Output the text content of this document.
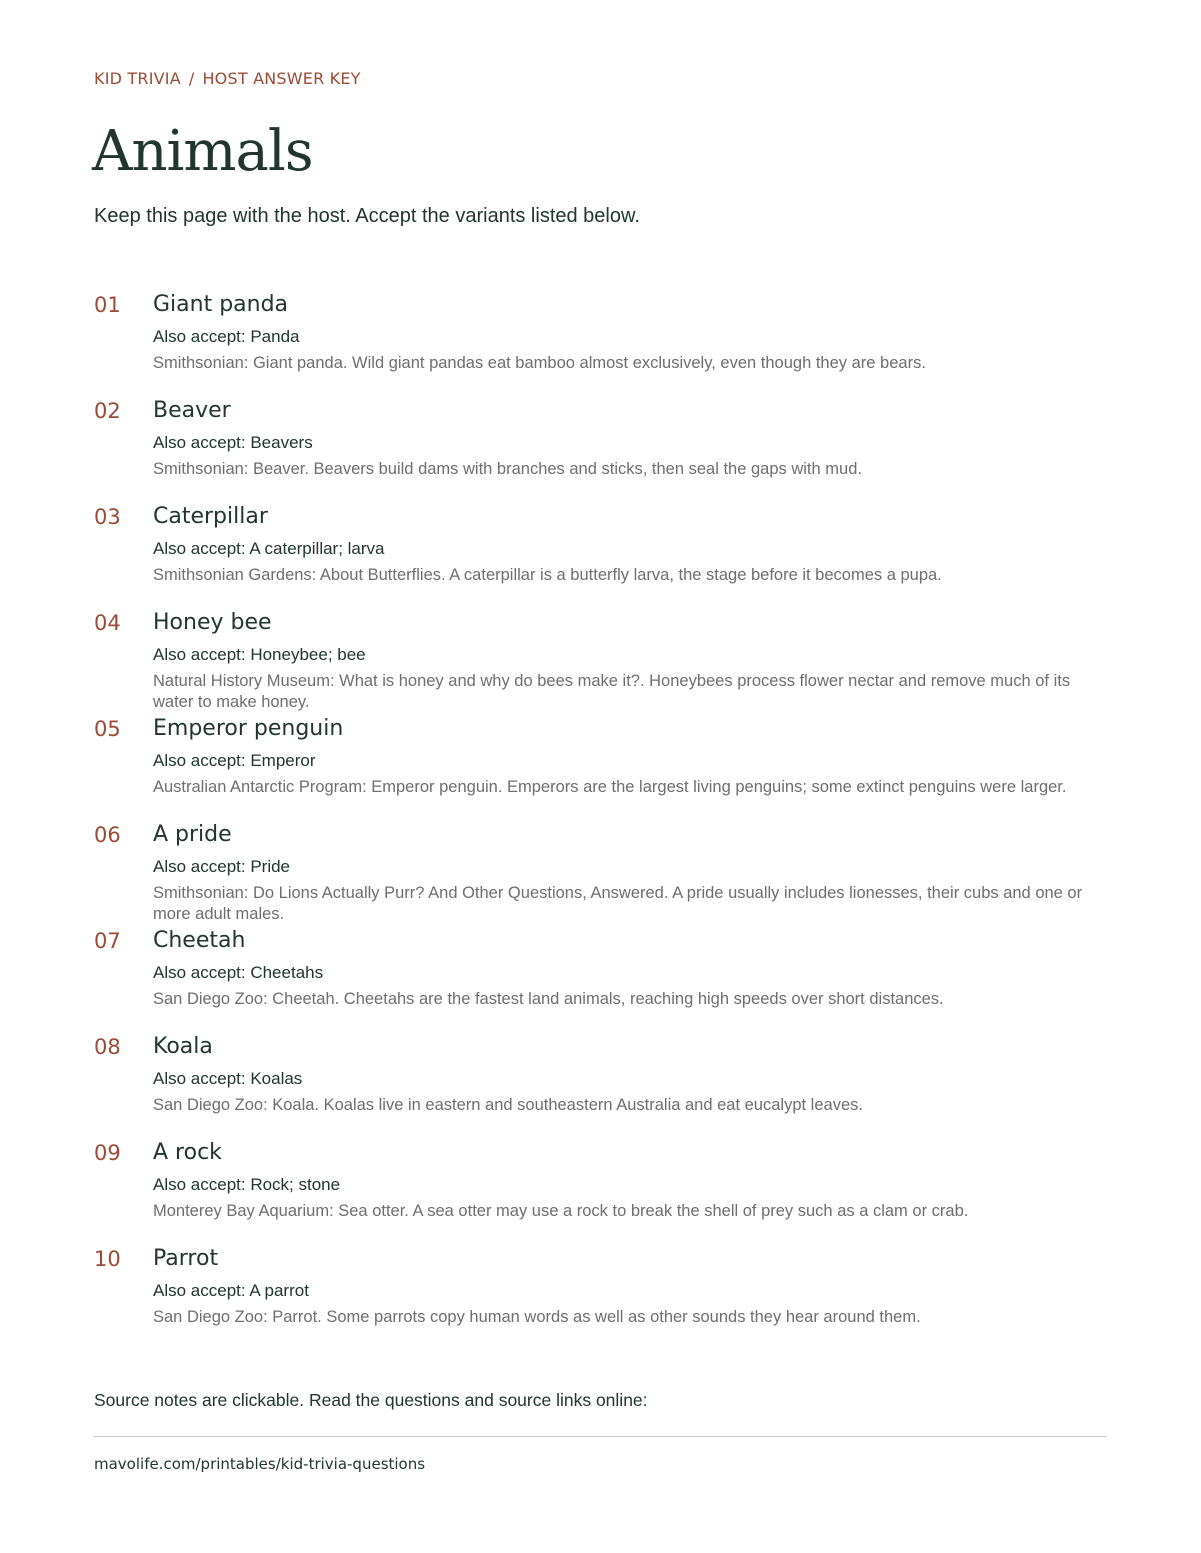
KID TRIVIA / HOST ANSWER KEY
Animals
Keep this page with the host. Accept the variants listed below.
01 Giant panda
Also accept: Panda
Smithsonian: Giant panda. Wild giant pandas eat bamboo almost exclusively, even though they are bears.
02 Beaver
Also accept: Beavers
Smithsonian: Beaver. Beavers build dams with branches and sticks, then seal the gaps with mud.
03 Caterpillar
Also accept: A caterpillar; larva
Smithsonian Gardens: About Butterflies. A caterpillar is a butterfly larva, the stage before it becomes a pupa.
04 Honey bee
Also accept: Honeybee; bee
Natural History Museum: What is honey and why do bees make it?. Honeybees process flower nectar and remove much of its water to make honey.
05 Emperor penguin
Also accept: Emperor
Australian Antarctic Program: Emperor penguin. Emperors are the largest living penguins; some extinct penguins were larger.
06 A pride
Also accept: Pride
Smithsonian: Do Lions Actually Purr? And Other Questions, Answered. A pride usually includes lionesses, their cubs and one or more adult males.
07 Cheetah
Also accept: Cheetahs
San Diego Zoo: Cheetah. Cheetahs are the fastest land animals, reaching high speeds over short distances.
08 Koala
Also accept: Koalas
San Diego Zoo: Koala. Koalas live in eastern and southeastern Australia and eat eucalypt leaves.
09 A rock
Also accept: Rock; stone
Monterey Bay Aquarium: Sea otter. A sea otter may use a rock to break the shell of prey such as a clam or crab.
10 Parrot
Also accept: A parrot
San Diego Zoo: Parrot. Some parrots copy human words as well as other sounds they hear around them.
Source notes are clickable. Read the questions and source links online:
mavolife.com/printables/kid-trivia-questions
